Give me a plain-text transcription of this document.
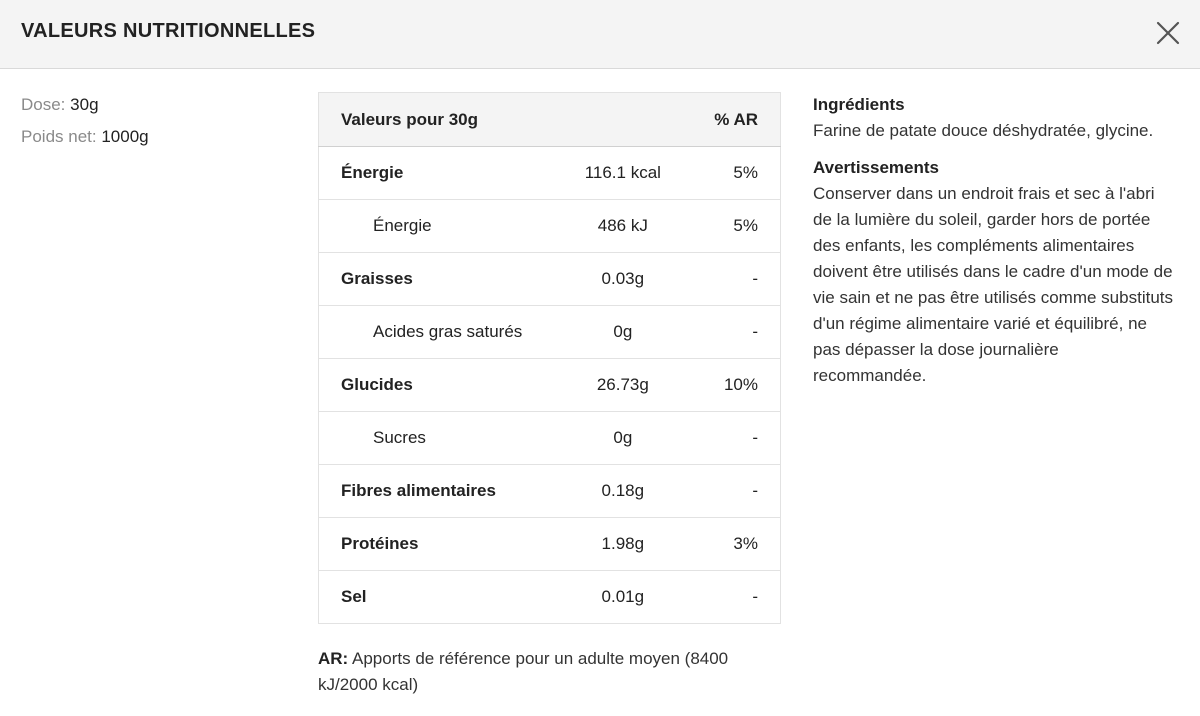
VALEURS NUTRITIONNELLES
Dose: 30g
Poids net: 1000g
Valeurs pour 30g		% AR
Énergie	116.1 kcal	5%
Énergie	486 kJ	5%
Graisses	0.03g	-
Acides gras saturés	0g	-
Glucides	26.73g	10%
Sucres	0g	-
Fibres alimentaires	0.18g	-
Protéines	1.98g	3%
Sel	0.01g	-
AR: Apports de référence pour un adulte moyen (8400 kJ/2000 kcal)

Ingrédients

Farine de patate douce déshydratée, glycine.

Avertissements

Conserver dans un endroit frais et sec à l'abri de la lumière du soleil, garder hors de portée des enfants, les compléments alimentaires doivent être utilisés dans le cadre d'un mode de vie sain et ne pas être utilisés comme substituts d'un régime alimentaire varié et équilibré, ne pas dépasser la dose journalière recommandée.
